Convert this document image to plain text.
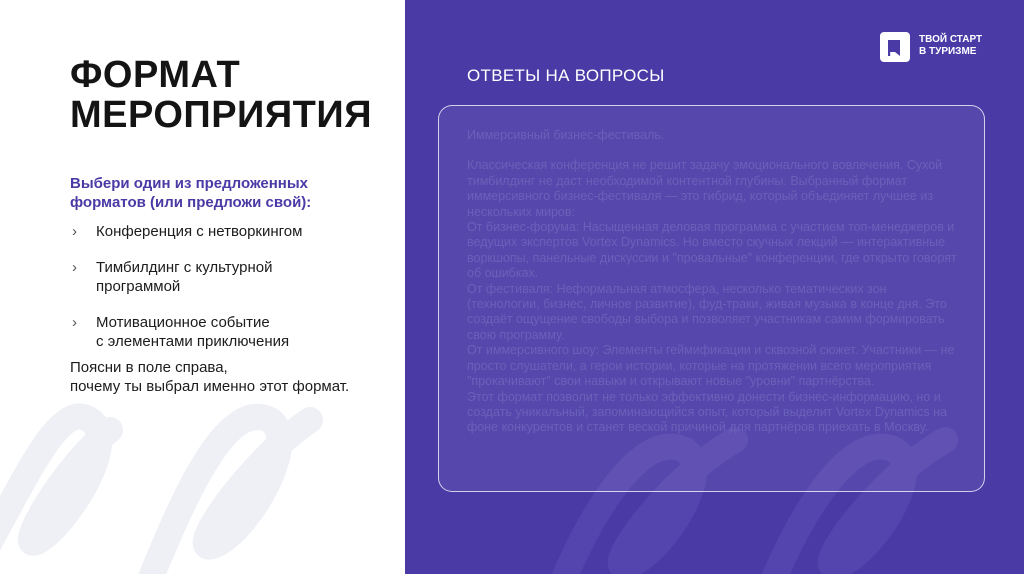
ФОРМАТ
МЕРОПРИЯТИЯ
Выбери один из предложенных форматов (или предложи свой):
› Конференция с нетворкингом
› Тимбилдинг с культурной
программой
› Мотивационное событие
с элементами приключения
Поясни в поле справа,
почему ты выбрал именно этот формат.
ОТВЕТЫ НА ВОПРОСЫ
ТВОЙ СТАРТ
В ТУРИЗМЕ

Иммерсивный бизнес-фестиваль.

Классическая конференция не решит задачу эмоционального вовлечения. Сухой тимбилдинг не даст необходимой контентной глубины. Выбранный формат иммерсивного бизнес-фестиваля — это гибрид, который объединяет лучшее из нескольких миров:

От бизнес-форума: Насыщенная деловая программа с участием топ-менеджеров и ведущих экспертов Vortex Dynamics. Но вместо скучных лекций — интерактивные воркшопы, панельные дискуссии и "провальные" конференции, где открыто говорят об ошибках.

От фестиваля: Неформальная атмосфера, несколько тематических зон (технологии, бизнес, личное развитие), фуд-траки, живая музыка в конце дня. Это создаёт ощущение свободы выбора и позволяет участникам самим формировать свою программу.

От иммерсивного шоу: Элементы геймификации и сквозной сюжет. Участники — не просто слушатели, а герои истории, которые на протяжении всего мероприятия "прокачивают" свои навыки и открывают новые "уровни" партнёрства.

Этот формат позволит не только эффективно донести бизнес-информацию, но и создать уникальный, запоминающийся опыт, который выделит Vortex Dynamics на фоне конкурентов и станет веской причиной для партнёров приехать в Москву.
